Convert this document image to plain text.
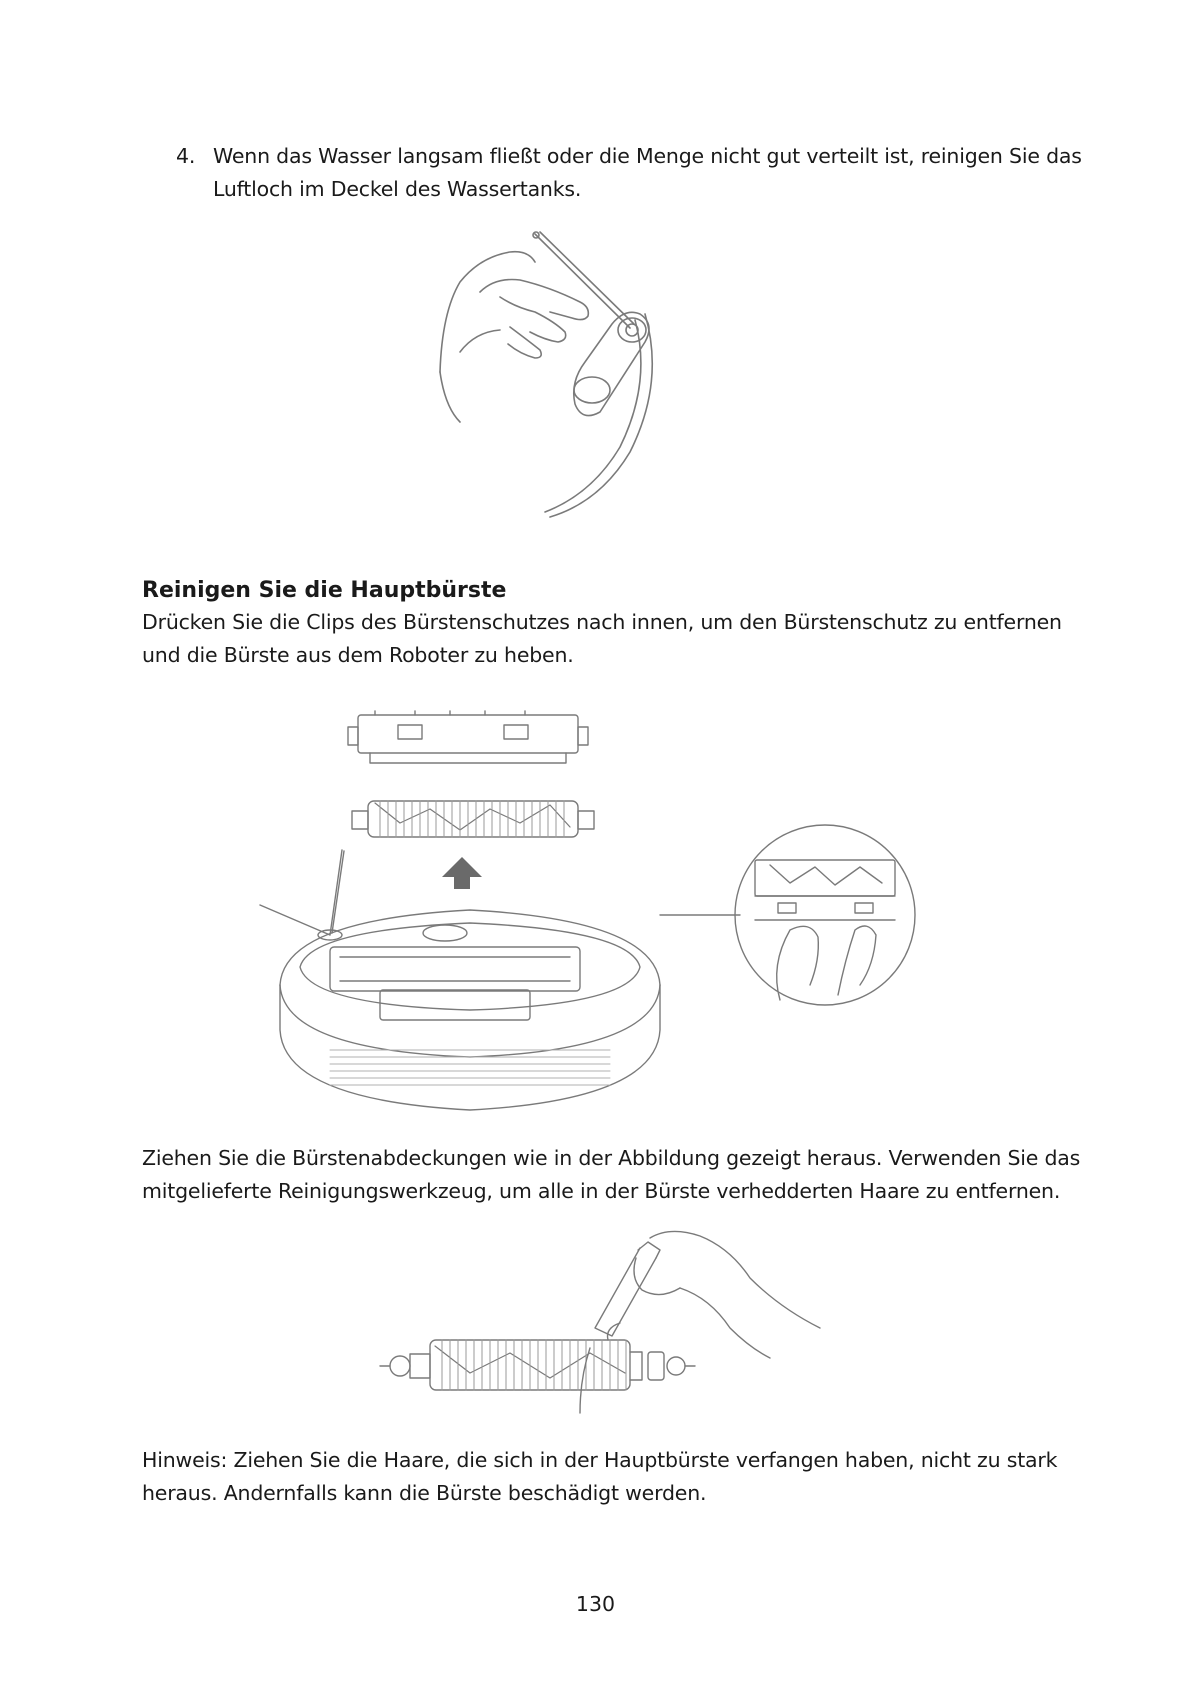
4. Wenn das Wasser langsam fließt oder die Menge nicht gut verteilt ist, reinigen Sie das Luftloch im Deckel des Wassertanks.
Reinigen Sie die Hauptbürste
Drücken Sie die Clips des Bürstenschutzes nach innen, um den Bürstenschutz zu entfernen und die Bürste aus dem Roboter zu heben.
Ziehen Sie die Bürstenabdeckungen wie in der Abbildung gezeigt heraus. Verwenden Sie das mitgelieferte Reinigungswerkzeug, um alle in der Bürste verhedderten Haare zu entfernen.
Hinweis: Ziehen Sie die Haare, die sich in der Hauptbürste verfangen haben, nicht zu stark heraus. Andernfalls kann die Bürste beschädigt werden.
130
